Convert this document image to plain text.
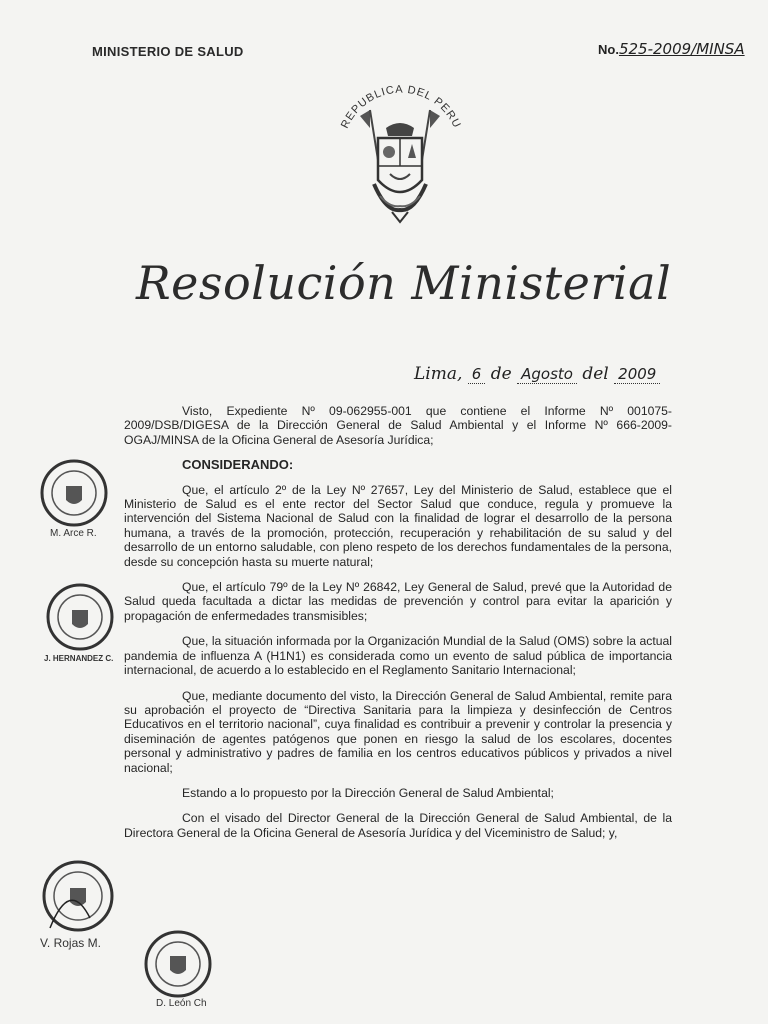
MINISTERIO DE SALUD	No.525-2009/MINSA
REPUBLICA DEL PERU
Resolución Ministerial
Lima, 6 de Agosto del 2009

Visto, Expediente Nº 09-062955-001 que contiene el Informe Nº 001075-2009/DSB/DIGESA de la Dirección General de Salud Ambiental y el Informe Nº 666-2009-OGAJ/MINSA de la Oficina General de Asesoría Jurídica;

CONSIDERANDO:

Que, el artículo 2º de la Ley Nº 27657, Ley del Ministerio de Salud, establece que el Ministerio de Salud es el ente rector del Sector Salud que conduce, regula y promueve la intervención del Sistema Nacional de Salud con la finalidad de lograr el desarrollo de la persona humana, a través de la promoción, protección, recuperación y rehabilitación de su salud y del desarrollo de un entorno saludable, con pleno respeto de los derechos fundamentales de la persona, desde su concepción hasta su muerte natural;

Que, el artículo 79º de la Ley Nº 26842, Ley General de Salud, prevé que la Autoridad de Salud queda facultada a dictar las medidas de prevención y control para evitar la aparición y propagación de enfermedades transmisibles;

Que, la situación informada por la Organización Mundial de la Salud (OMS) sobre la actual pandemia de influenza A (H1N1) es considerada como un evento de salud pública de importancia internacional, de acuerdo a lo establecido en el Reglamento Sanitario Internacional;

Que, mediante documento del visto, la Dirección General de Salud Ambiental, remite para su aprobación el proyecto de “Directiva Sanitaria para la limpieza y desinfección de Centros Educativos en el territorio nacional”, cuya finalidad es contribuir a prevenir y controlar la presencia y diseminación de agentes patógenos que ponen en riesgo la salud de los escolares, docentes personal y administrativo y padres de familia en los centros educativos públicos y privados a nivel nacional;

Estando a lo propuesto por la Dirección General de Salud Ambiental;

Con el visado del Director General de la Dirección General de Salud Ambiental, de la Directora General de la Oficina General de Asesoría Jurídica y del Viceministro de Salud; y,

M. Arce R.
J. HERNANDEZ C.
V. Rojas M.
D. León Ch
